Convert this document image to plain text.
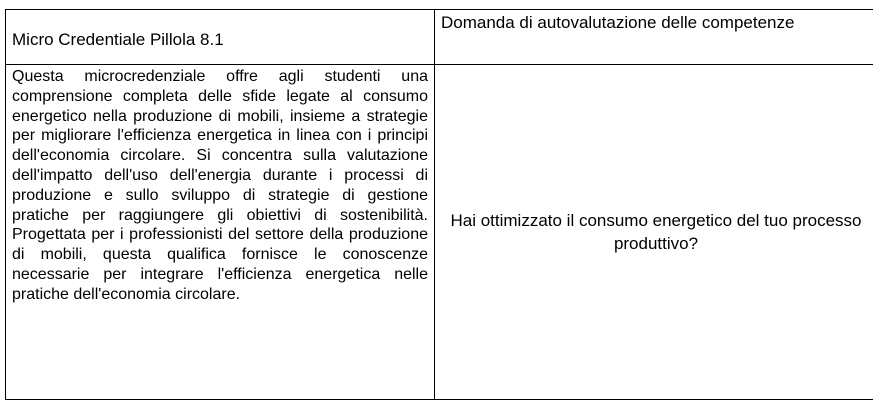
Micro Credentiale Pillola 8.1	Domanda di autovalutazione delle competenze
Questa microcredenziale offre agli studenti una comprensione completa delle sfide legate al consumo energetico nella produzione di mobili, insieme a strategie per migliorare l'efficienza energetica in linea con i principi dell'economia circolare. Si concentra sulla valutazione dell'impatto dell'uso dell'energia durante i processi di produzione e sullo sviluppo di strategie di gestione pratiche per raggiungere gli obiettivi di sostenibilità. Progettata per i professionisti del settore della produzione di mobili, questa qualifica fornisce le conoscenze necessarie per integrare l'efficienza energetica nelle pratiche dell'economia circolare.	Hai ottimizzato il consumo energetico del tuo processo produttivo?
